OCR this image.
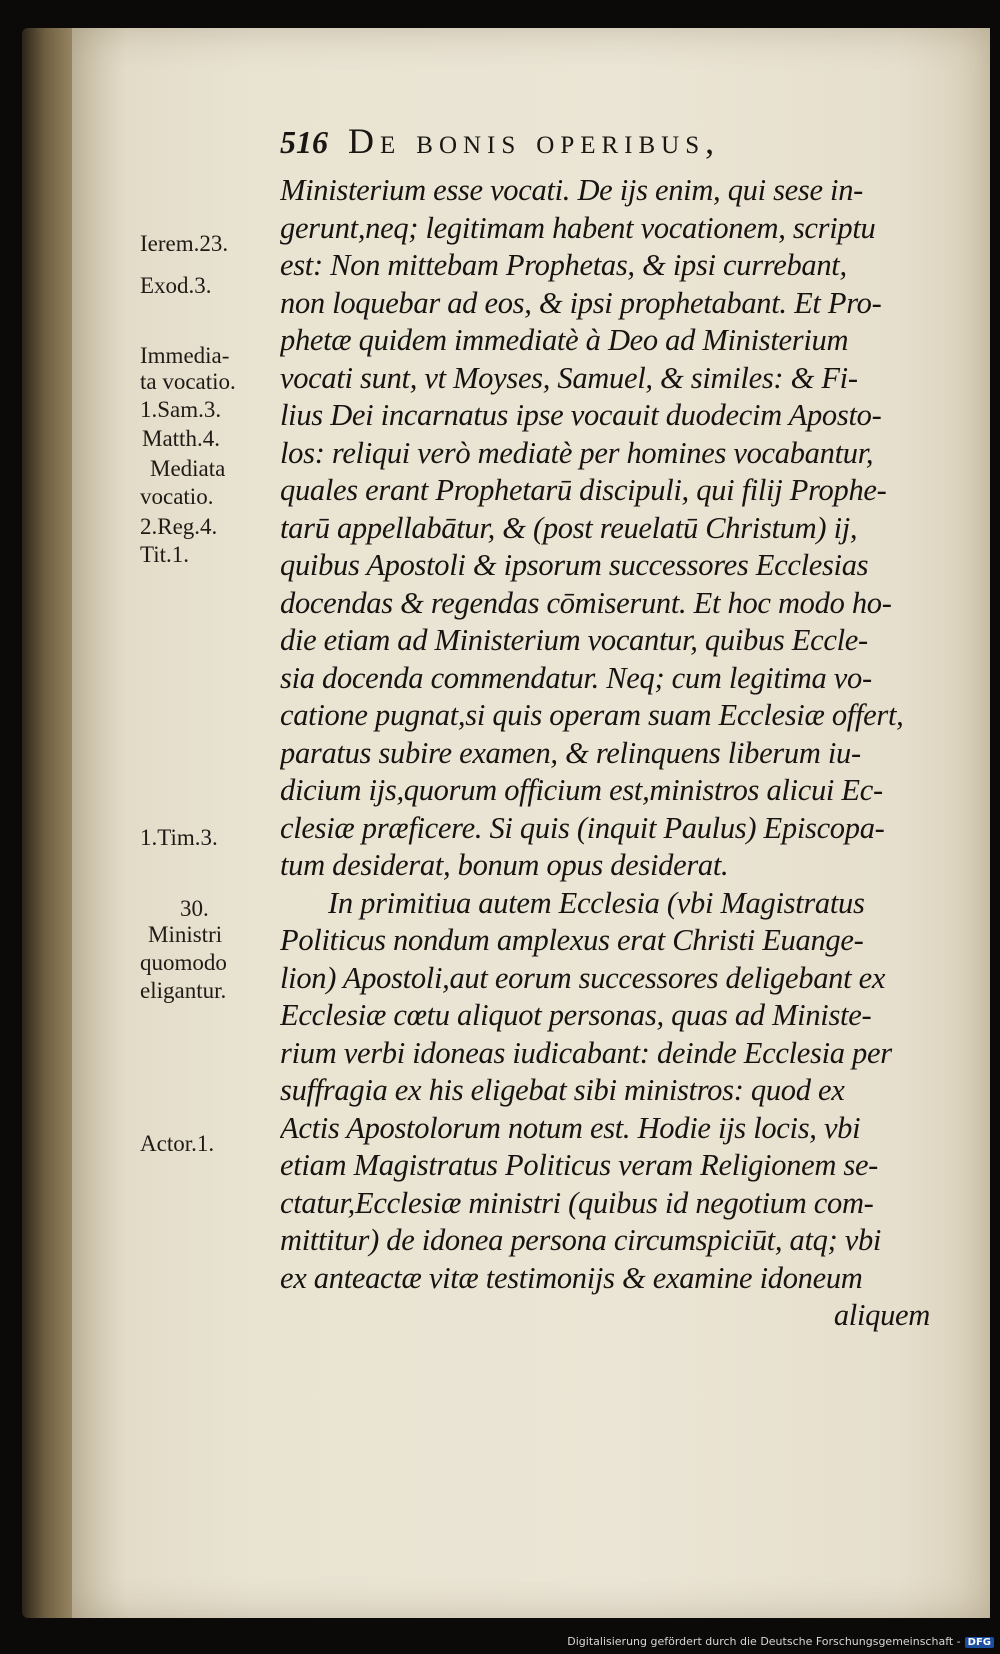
516 De bonis operibus,
Ierem.23.
Exod.3.
Immedia-
ta vocatio.
1.Sam.3.
Matth.4.
Mediata
vocatio.
2.Reg.4.
Tit.1.
1.Tim.3.
30.
Ministri
quomodo
eligantur.
Actor.1.
Ministerium esse vocati. De ijs enim, qui sese in-
gerunt,neq; legitimam habent vocationem, scriptu
est: Non mittebam Prophetas, & ipsi currebant,
non loquebar ad eos, & ipsi prophetabant. Et Pro-
phetæ quidem immediatè à Deo ad Ministerium
vocati sunt, vt Moyses, Samuel, & similes: & Fi-
lius Dei incarnatus ipse vocauit duodecim Aposto-
los: reliqui verò mediatè per homines vocabantur,
quales erant Prophetarū discipuli, qui filij Prophe-
tarū appellabātur, & (post reuelatū Christum) ij,
quibus Apostoli & ipsorum successores Ecclesias
docendas & regendas cōmiserunt. Et hoc modo ho-
die etiam ad Ministerium vocantur, quibus Eccle-
sia docenda commendatur. Neq; cum legitima vo-
catione pugnat,si quis operam suam Ecclesiæ offert,
paratus subire examen, & relinquens liberum iu-
dicium ijs,quorum officium est,ministros alicui Ec-
clesiæ præficere. Si quis (inquit Paulus) Episcopa-
tum desiderat, bonum opus desiderat.
In primitiua autem Ecclesia (vbi Magistratus
Politicus nondum amplexus erat Christi Euange-
lion) Apostoli,aut eorum successores deligebant ex
Ecclesiæ cœtu aliquot personas, quas ad Ministe-
rium verbi idoneas iudicabant: deinde Ecclesia per
suffragia ex his eligebat sibi ministros: quod ex
Actis Apostolorum notum est. Hodie ijs locis, vbi
etiam Magistratus Politicus veram Religionem se-
ctatur,Ecclesiæ ministri (quibus id negotium com-
mittitur) de idonea persona circumspiciūt, atq; vbi
ex anteactæ vitæ testimonijs & examine idoneum
aliquem
Digitalisierung gefördert durch die Deutsche Forschungsgemeinschaft - DFG
